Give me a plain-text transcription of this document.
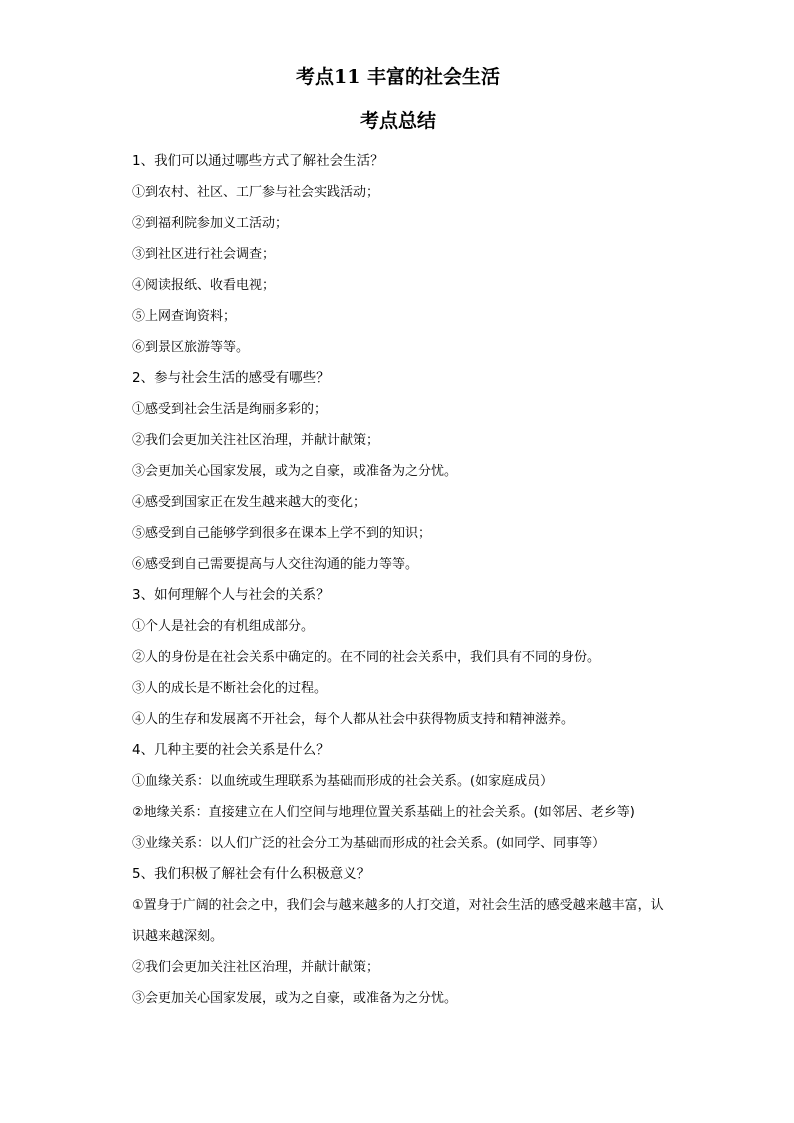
考点11 丰富的社会生活
考点总结

1、我们可以通过哪些方式了解社会生活？

①到农村、社区、工厂参与社会实践活动；

②到福利院参加义工活动；

③到社区进行社会调查；

④阅读报纸、收看电视；

⑤上网查询资料；

⑥到景区旅游等等。

2、参与社会生活的感受有哪些？

①感受到社会生活是绚丽多彩的；

②我们会更加关注社区治理，并献计献策；

③会更加关心国家发展，或为之自豪，或准备为之分忧。

④感受到国家正在发生越来越大的变化；

⑤感受到自己能够学到很多在课本上学不到的知识；

⑥感受到自己需要提高与人交往沟通的能力等等。

3、如何理解个人与社会的关系？

①个人是社会的有机组成部分。

②人的身份是在社会关系中确定的。在不同的社会关系中，我们具有不同的身份。

③人的成长是不断社会化的过程。

④人的生存和发展离不开社会，每个人都从社会中获得物质支持和精神滋养。

4、几种主要的社会关系是什么？

①血缘关系：以血统或生理联系为基础而形成的社会关系。(如家庭成员）

②地缘关系：直接建立在人们空间与地理位置关系基础上的社会关系。(如邻居、老乡等)

③业缘关系：以人们广泛的社会分工为基础而形成的社会关系。(如同学、同事等）

5、我们积极了解社会有什么积极意义？

①置身于广阔的社会之中，我们会与越来越多的人打交道，对社会生活的感受越来越丰富，认识越来越深刻。

②我们会更加关注社区治理，并献计献策；

③会更加关心国家发展，或为之自豪，或准备为之分忧。
